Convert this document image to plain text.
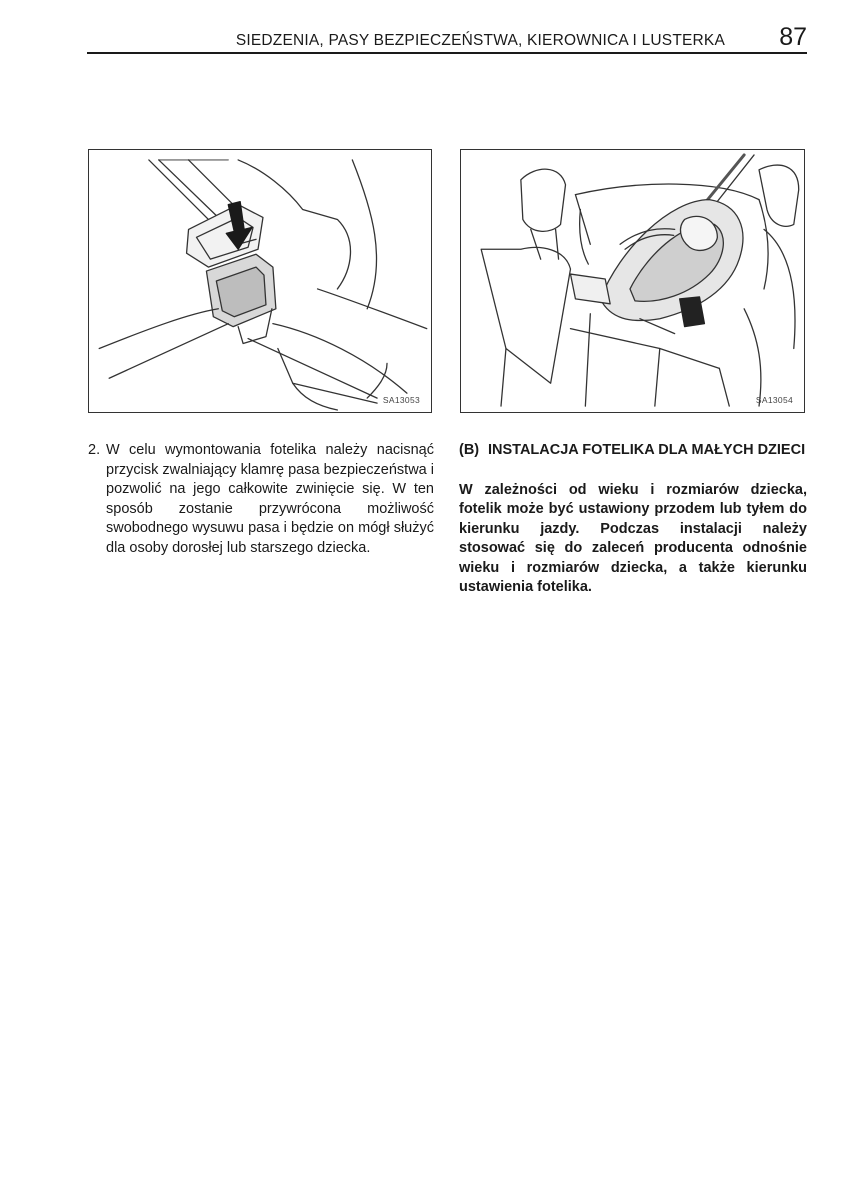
SIEDZENIA, PASY BEZPIECZEŃSTWA, KIEROWNICA I LUSTERKA 87
SA13053	SA13054
2. W celu wymontowania fotelika należy nacisnąć przycisk zwalniający klamrę pasa bezpieczeństwa i pozwolić na jego całkowite zwinięcie się. W ten sposób zostanie przywrócona możliwość swobodnego wysuwu pasa i będzie on mógł służyć dla osoby dorosłej lub starszego dziecka.
(B) INSTALACJA FOTELIKA DLA MAŁYCH DZIECI
W zależności od wieku i rozmiarów dziecka, fotelik może być ustawiony przodem lub tyłem do kierunku jazdy. Podczas instalacji należy stosować się do zaleceń producenta odnośnie wieku i rozmiarów dziecka, a także kierunku ustawienia fotelika.
